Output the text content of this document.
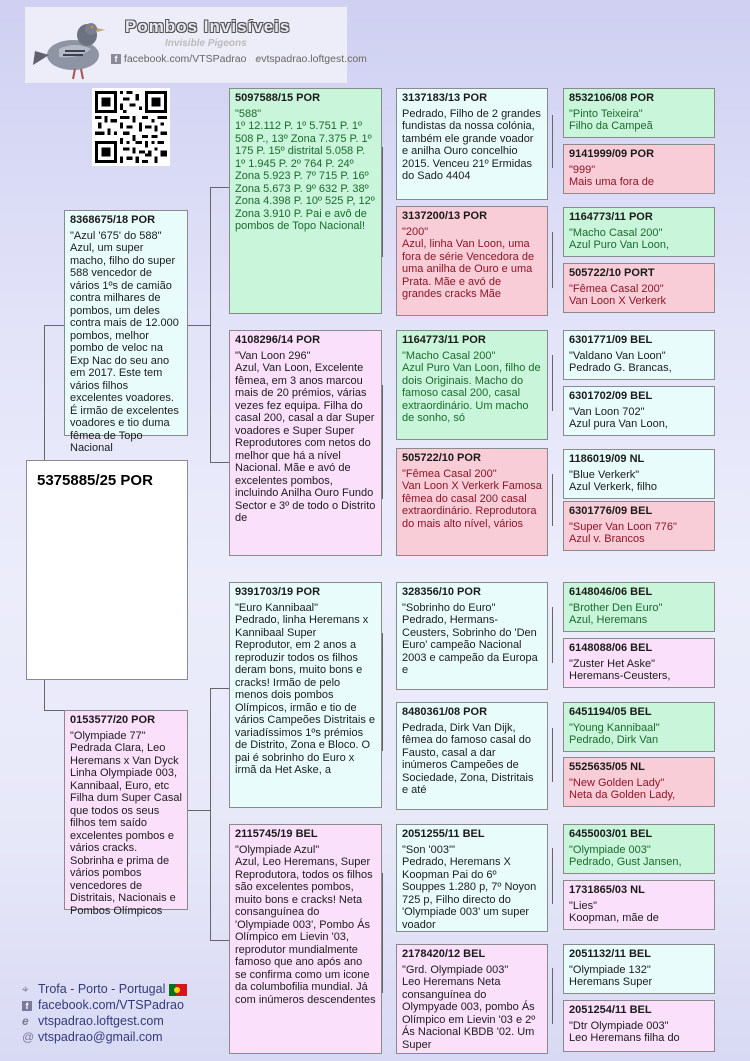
Pombos Invisíveis
Invisible Pigeons
f facebook.com/VTSPadrao evtspadrao.loftgest.com
5375885/25 POR
8368675/18 POR
"Azul '675' do 588"
Azul, um super macho, filho do super 588 vencedor de vários 1ºs de camião contra milhares de pombos, um deles contra mais de 12.000 pombos, melhor pombo de veloc na Exp Nac do seu ano em 2017. Este tem vários filhos excelentes voadores. É irmão de excelentes voadores e tio duma fêmea de Topo Nacional
0153577/20 POR
"Olympiade 77"
Pedrada Clara, Leo Heremans x Van Dyck Linha Olympiade 003, Kannibaal, Euro, etc Filha dum Super Casal que todos os seus filhos tem saído excelentes pombos e vários cracks. Sobrinha e prima de vários pombos vencedores de Distritais, Nacionais e Pombos Olímpicos
5097588/15 POR
"588"
1º 12.112 P. 1º 5.751 P. 1º 508 P., 13º Zona 7.375 P. 1º 175 P. 15º distrital 5.058 P. 1º 1.945 P. 2º 764 P. 24º Zona 5.923 P. 7º 715 P. 16º Zona 5.673 P. 9º 632 P. 38º Zona 4.398 P. 10º 525 P, 12º Zona 3.910 P. Pai e avô de pombos de Topo Nacional!
4108296/14 POR
"Van Loon 296"
Azul, Van Loon, Excelente fêmea, em 3 anos marcou mais de 20 prémios, várias vezes fez equipa. Filha do casal 200, casal a dar Super voadores e Super Super Reprodutores com netos do melhor que há a nível Nacional. Mãe e avó de excelentes pombos, incluindo Anilha Ouro Fundo Sector e 3º de todo o Distrito de
9391703/19 POR
"Euro Kannibaal"
Pedrado, linha Heremans x Kannibaal Super Reprodutor, em 2 anos a reproduzir todos os filhos deram bons, muito bons e cracks! Irmão de pelo menos dois pombos Olímpicos, irmão e tio de vários Campeões Distritais e variadíssimos 1ºs prémios de Distrito, Zona e Bloco. O pai é sobrinho do Euro x irmã da Het Aske, a
2115745/19 BEL
"Olympiade Azul"
Azul, Leo Heremans, Super Reprodutora, todos os filhos são excelentes pombos, muito bons e cracks! Neta consanguínea do 'Olympiade 003', Pombo Ás Olímpico em Lievin '03, reprodutor mundialmente famoso que ano após ano se confirma como um icone da columbofilia mundial. Já com inúmeros descendentes
3137183/13 POR
Pedrado, Filho de 2 grandes fundistas da nossa colónia, também ele grande voador e anilha Ouro concelhio 2015. Venceu 21º Ermidas do Sado 4404
3137200/13 POR
"200"
Azul, linha Van Loon, uma fora de série Vencedora de uma anilha de Ouro e uma Prata. Mãe e avó de grandes cracks Mãe
1164773/11 POR
"Macho Casal 200"
Azul Puro Van Loon, filho de dois Originais. Macho do famoso casal 200, casal extraordinário. Um macho de sonho, só
505722/10 POR
"Fêmea Casal 200"
Van Loon X Verkerk Famosa fêmea do casal 200 casal extraordinário. Reprodutora do mais alto nível, vários
328356/10 POR
"Sobrinho do Euro"
Pedrado, Hermans-Ceusters, Sobrinho do 'Den Euro' campeão Nacional 2003 e campeão da Europa e
8480361/08 POR
Pedrada, Dirk Van Dijk, fêmea do famoso casal do Fausto, casal a dar inúmeros Campeões de Sociedade, Zona, Distritais e até
2051255/11 BEL
"Son '003'"
Pedrado, Heremans X Koopman Pai do 6º Souppes 1.280 p, 7º Noyon 725 p, Filho directo do 'Olympiade 003' um super voador
2178420/12 BEL
"Grd. Olympiade 003"
Leo Heremans Neta consanguínea do Olympyade 003, pombo Ás Olímpico em Lievin '03 e 2º Ás Nacional KBDB '02. Um Super
8532106/08 POR
"Pinto Teixeira"
Filho da Campeã
9141999/09 POR
"999"
Mais uma fora de
1164773/11 POR
"Macho Casal 200"
Azul Puro Van Loon,
505722/10 PORT
"Fêmea Casal 200"
Van Loon X Verkerk
6301771/09 BEL
"Valdano Van Loon"
Pedrado G. Brancas,
6301702/09 BEL
"Van Loon 702"
Azul pura Van Loon,
1186019/09 NL
"Blue Verkerk"
Azul Verkerk, filho
6301776/09 BEL
"Super Van Loon 776"
Azul v. Brancos
6148046/06 BEL
"Brother Den Euro"
Azul, Heremans
6148088/06 BEL
"Zuster Het Aske"
Heremans-Ceusters,
6451194/05 BEL
"Young Kannibaal"
Pedrado, Dirk Van
5525635/05 NL
"New Golden Lady"
Neta da Golden Lady,
6455003/01 BEL
"Olympiade 003"
Pedrado, Gust Jansen,
1731865/03 NL
"Lies"
Koopman, mãe de
2051132/11 BEL
"Olympiade 132"
Heremans Super
2051254/11 BEL
"Dtr Olympiade 003"
Leo Heremans filha do
⌖ Trofa - Porto - Portugal
f facebook.com/VTSPadrao
e vtspadrao.loftgest.com
@ vtspadrao@gmail.com
